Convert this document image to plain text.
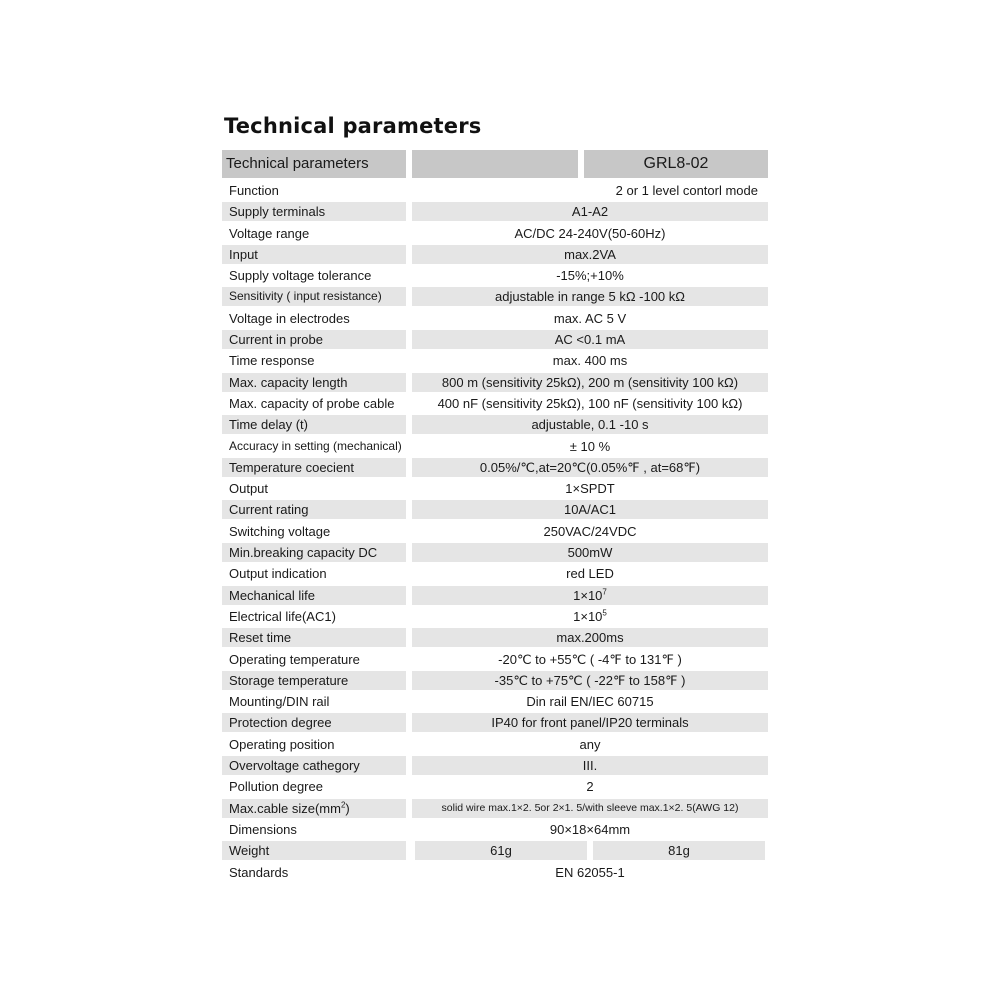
Technical parameters
Technical parameters	GRL8-02
Function	2 or 1 level contorl mode
Supply terminals	A1-A2
Voltage range	AC/DC 24-240V(50-60Hz)
Input	max.2VA
Supply voltage tolerance	-15%;+10%
Sensitivity ( input resistance)	adjustable in range 5 kΩ -100 kΩ
Voltage in electrodes	max. AC 5 V
Current in probe	AC <0.1 mA
Time response	max. 400 ms
Max. capacity length	800 m (sensitivity 25kΩ), 200 m (sensitivity 100 kΩ)
Max. capacity of probe cable	400 nF (sensitivity 25kΩ), 100 nF (sensitivity 100 kΩ)
Time delay (t)	adjustable, 0.1 -10 s
Accuracy in setting (mechanical)	± 10 %
Temperature coecient	0.05%/℃,at=20℃(0.05%℉ , at=68℉)
Output	1×SPDT
Current rating	10A/AC1
Switching voltage	250VAC/24VDC
Min.breaking capacity DC	500mW
Output indication	red LED
Mechanical life	$1\times 10^7$
Electrical life(AC1)	$1\times 10^5$
Reset time	max.200ms
Operating temperature	-20℃ to +55℃ ( -4℉ to 131℉ )
Storage temperature	-35℃ to +75℃ ( -22℉ to 158℉ )
Mounting/DIN rail	Din rail EN/IEC 60715
Protection degree	IP40 for front panel/IP20 terminals
Operating position	any
Overvoltage cathegory	III.
Pollution degree	2
Max.cable $size(mm^2)$	solid wire max.1×2. 5or 2×1. 5/with sleeve max.1×2. 5(AWG 12)
Dimensions	90×18×64mm
Weight	61g	81g
Standards	EN 62055-1
